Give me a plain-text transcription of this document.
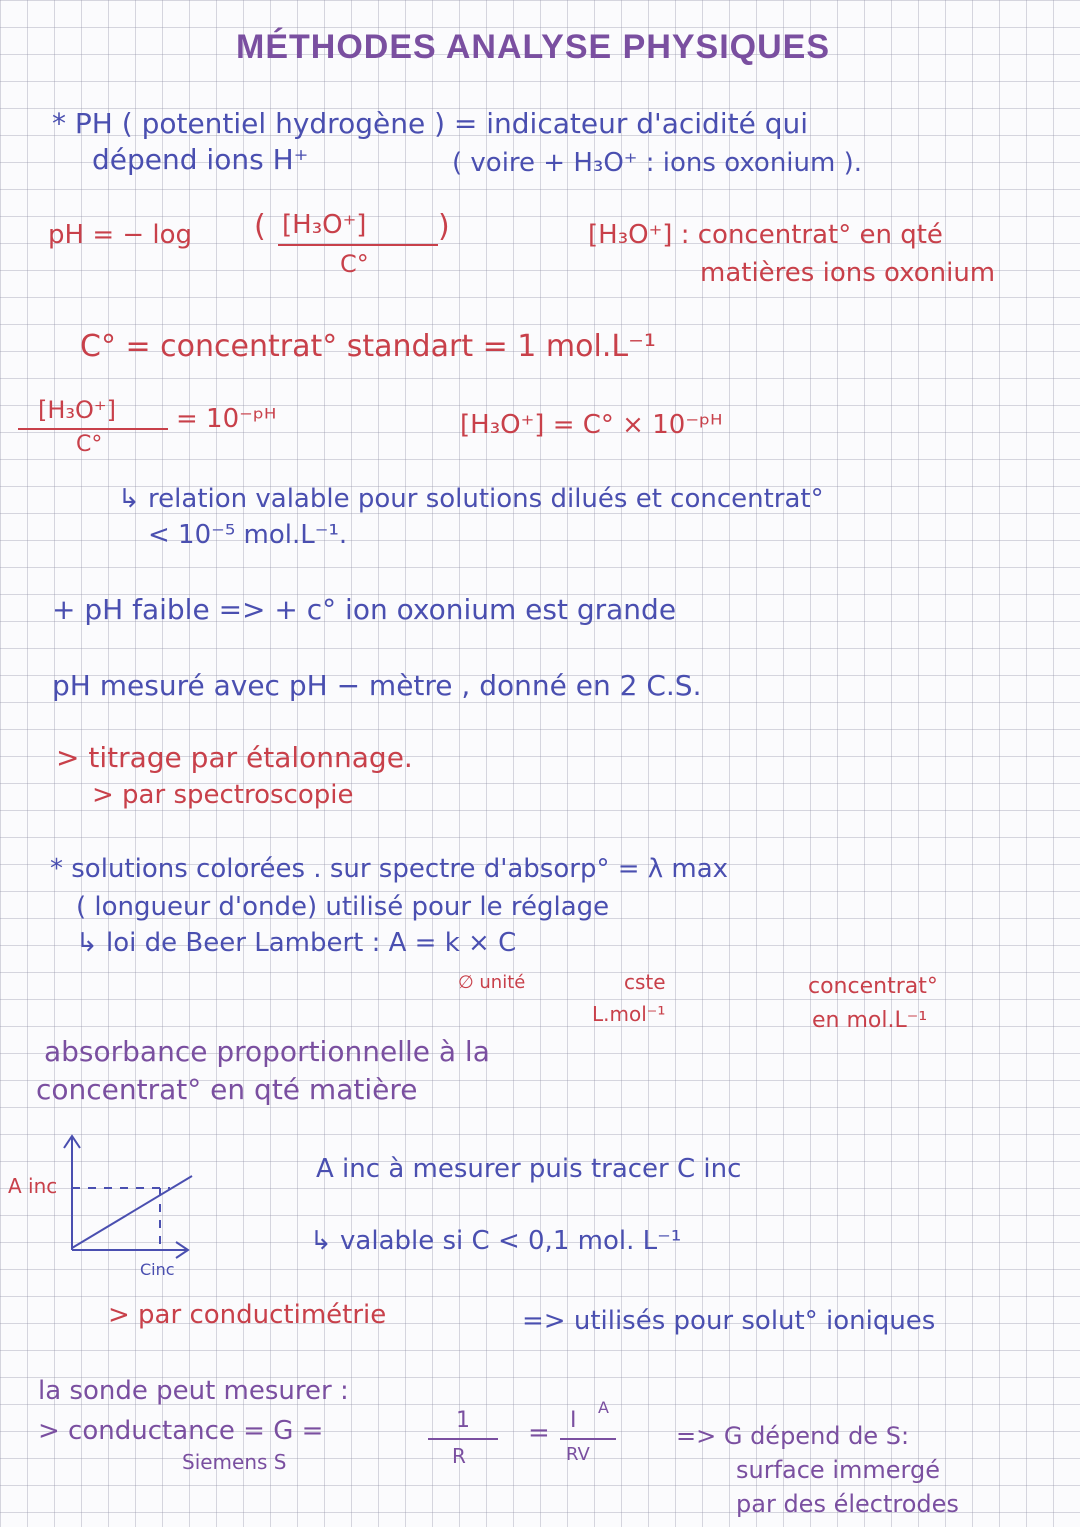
MÉTHODES ANALYSE PHYSIQUES
* PH ( potentiel hydrogène ) = indicateur d'acidité qui
dépend ions H⁺	( voire + H₃O⁺ : ions oxonium ).
pH = − log ( [H₃O⁺]
C°
)	[H₃O⁺] : concentrat° en qté
matières ions oxonium
C° = concentrat° standart = 1 mol.L⁻¹
[H₃O⁺]
C°
= 10⁻ᵖᴴ	[H₃O⁺] = C° × 10⁻ᵖᴴ
↳ relation valable pour solutions dilués et concentrat°
< 10⁻⁵ mol.L⁻¹.
+ pH faible => + c° ion oxonium est grande
pH mesuré avec pH − mètre , donné en 2 C.S.
> titrage par étalonnage.
> par spectroscopie
* solutions colorées . sur spectre d'absorp° = λ max
( longueur d'onde) utilisé pour le réglage
↳ loi de Beer Lambert : A = k × C
∅ unité	cste
L.mol⁻¹
concentrat°
en mol.L⁻¹
absorbance proportionnelle à la
concentrat° en qté matière
A inc
Cinc
A inc à mesurer puis tracer C inc
↳ valable si C < 0,1 mol. L⁻¹
> par conductimétrie	=> utilisés pour solut° ioniques
la sonde peut mesurer :
> conductance = G =	1
R
= I
A
RV
Siemens S
=> G dépend de S:
surface immergé
par des électrodes
